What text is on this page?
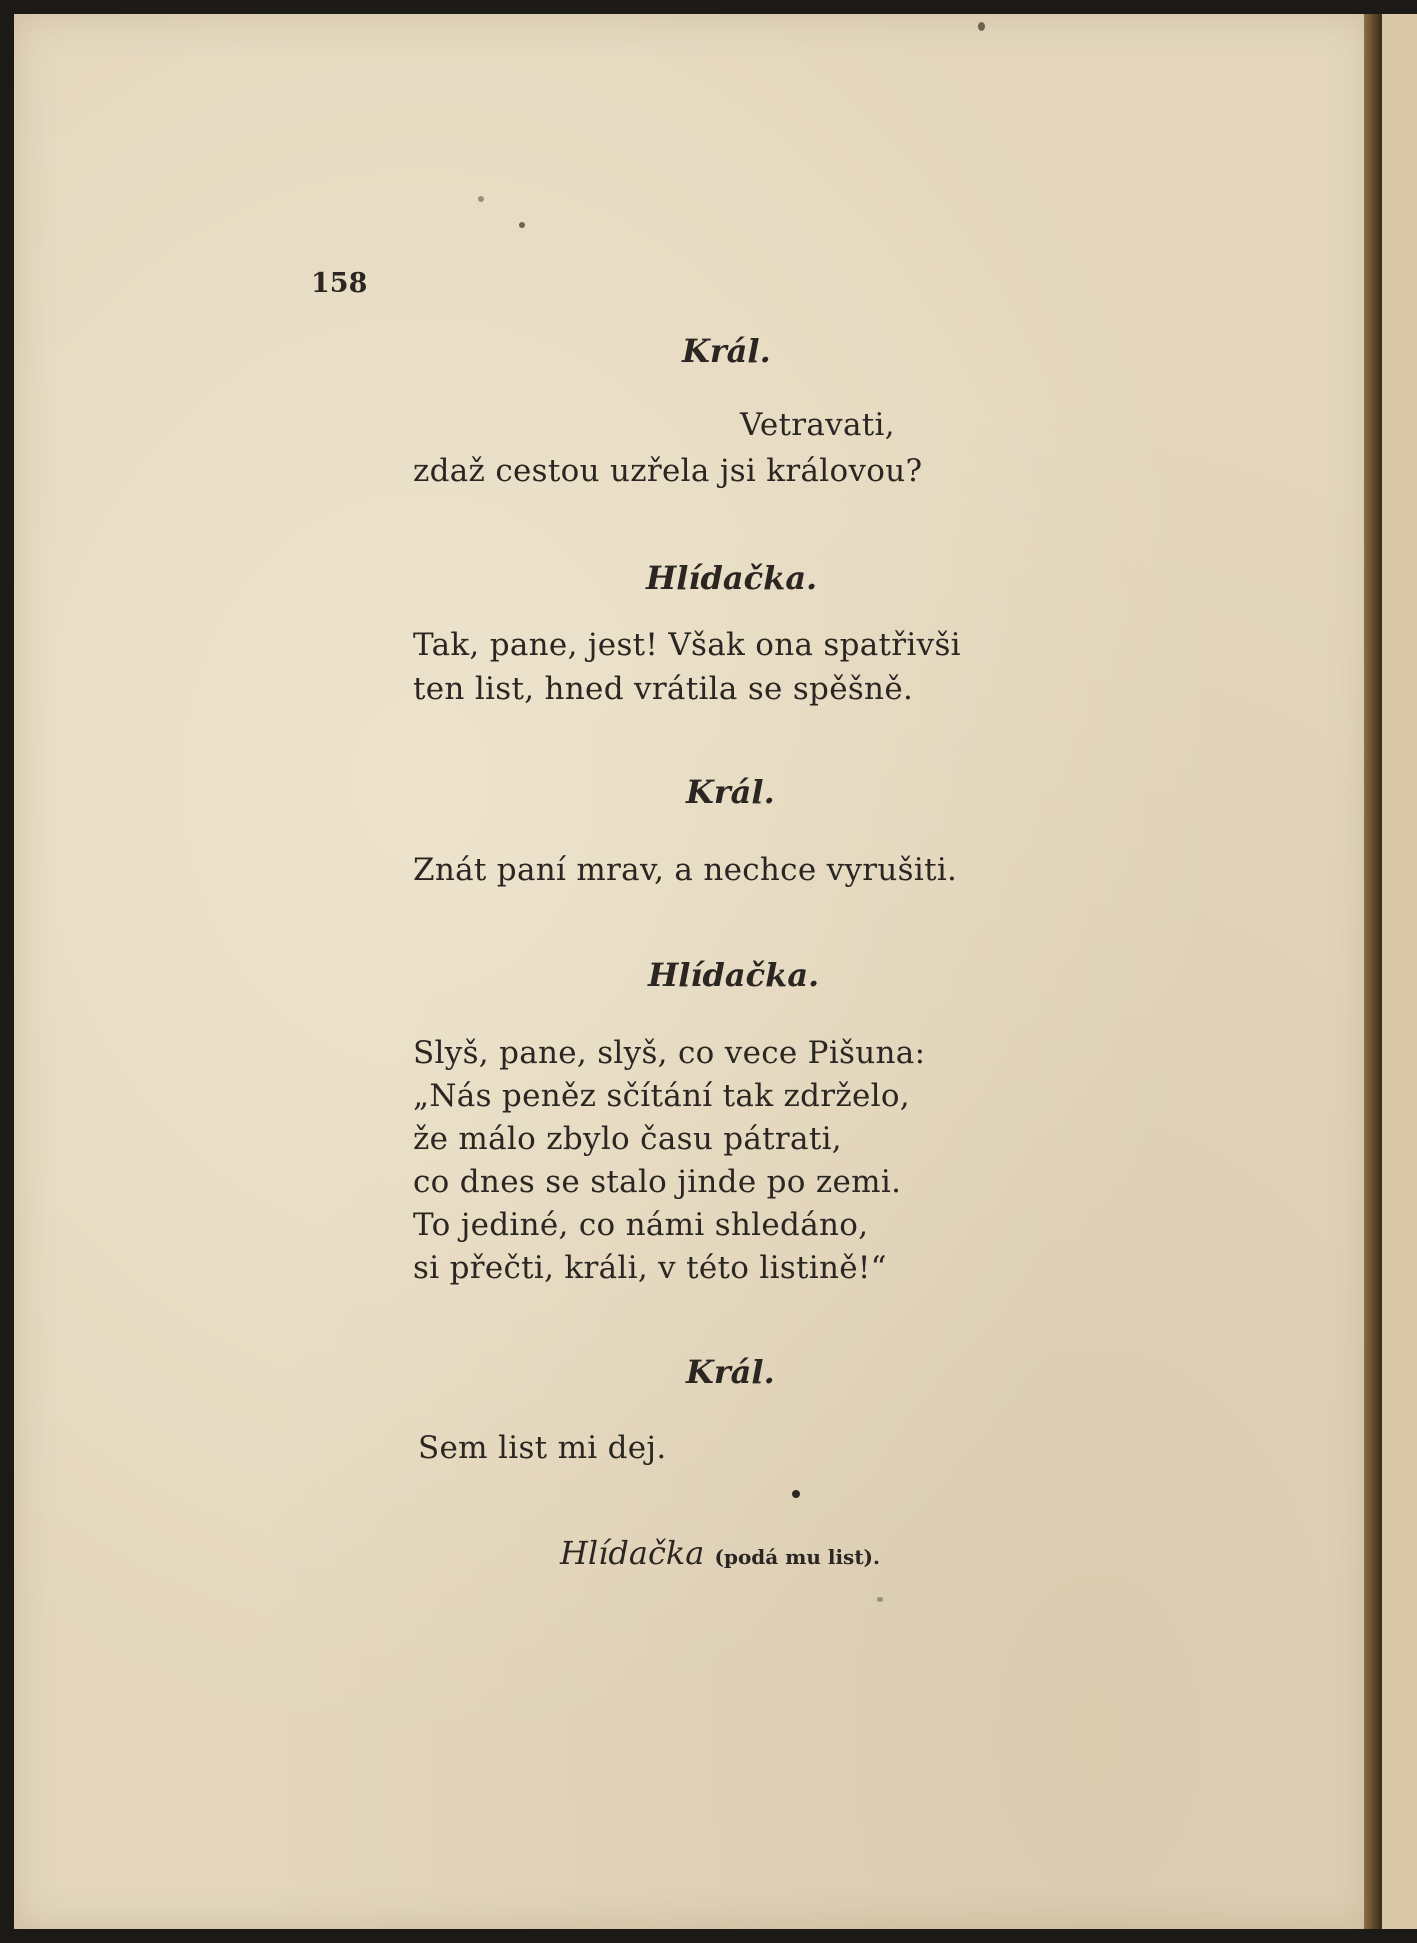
158
Král.
Vetravati,
zdaž cestou uzřela jsi královou?
Hlídačka.
Tak, pane, jest! Však ona spatřivši
ten list, hned vrátila se spěšně.
Král.
Znát paní mrav, a nechce vyrušiti.
Hlídačka.
Slyš, pane, slyš, co vece Pišuna:
„Nás peněz sčítání tak zdrželo,
že málo zbylo času pátrati,
co dnes se stalo jinde po zemi.
To jediné, co námi shledáno,
si přečti, králi, v této listině!“
Král.
Sem list mi dej.
Hlídačka (podá mu list).
